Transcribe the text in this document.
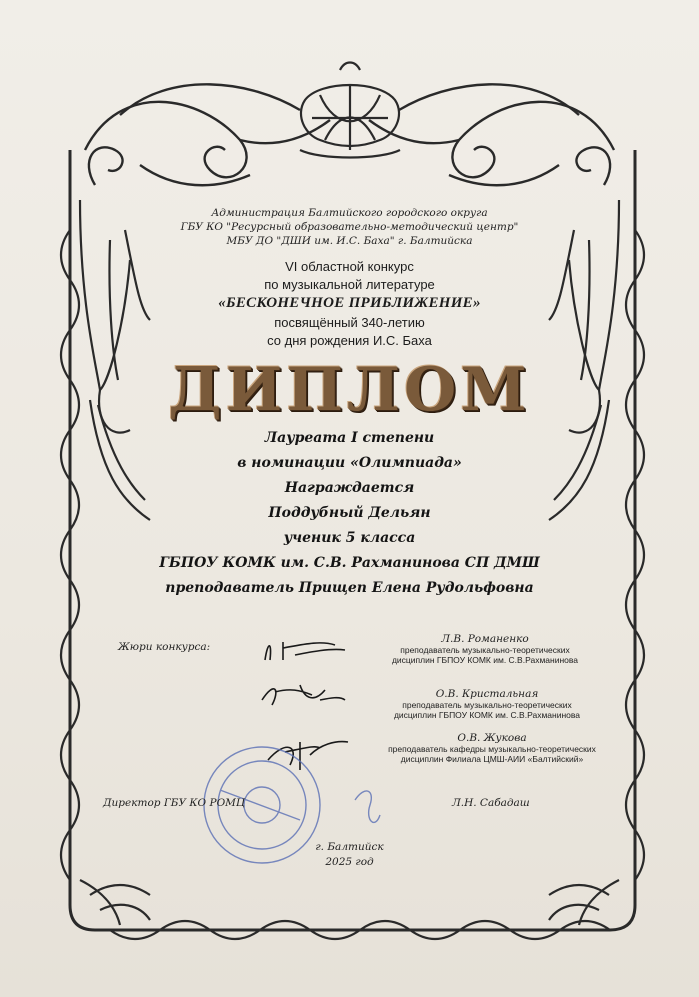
Администрация Балтийского городского округа
ГБУ КО "Ресурсный образовательно-методический центр"
МБУ ДО "ДШИ им. И.С. Баха" г. Балтийска
VI областной конкурс
по музыкальной литературе
«БЕСКОНЕЧНОЕ ПРИБЛИЖЕНИЕ»
посвящённый 340-летию
со дня рождения И.С. Баха
ДИПЛОМ
Лауреата I степени
в номинации «Олимпиада»
Награждается
Поддубный Дельян
ученик 5 класса
ГБПОУ КОМК им. С.В. Рахманинова СП ДМШ
преподаватель Прищеп Елена Рудольфовна
Жюри конкурса:
Л.В. Романенко
преподаватель музыкально-теоретических
дисциплин ГБПОУ КОМК им. С.В.Рахманинова
О.В. Кристальная
преподаватель музыкально-теоретических
дисциплин ГБПОУ КОМК им. С.В.Рахманинова
О.В. Жукова
преподаватель кафедры музыкально-теоретических
дисциплин Филиала ЦМШ-АИИ «Балтийский»
Директор ГБУ КО РОМЦ	Л.Н. Сабадаш
г. Балтийск
2025 год
